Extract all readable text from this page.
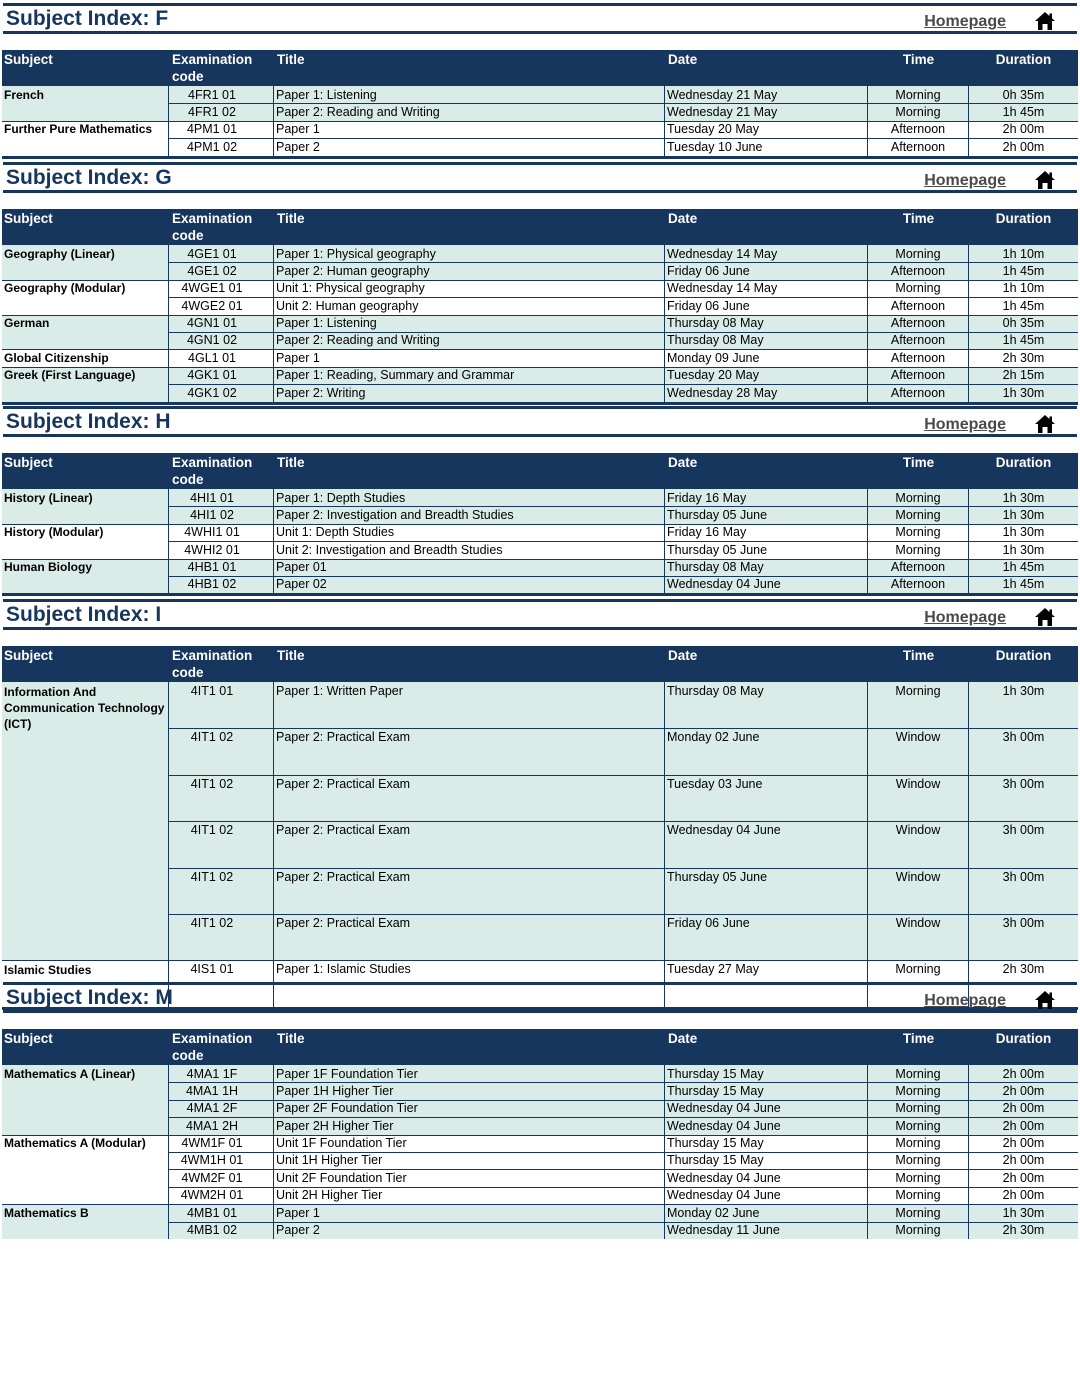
Subject Index: F	Homepage
Subject	Examination code
Title	Date	Time	Duration
French	4FR1 01	Paper 1: Listening	Wednesday 21 May	Morning	0h 35m
4FR1 02	Paper 2: Reading and Writing	Wednesday 21 May	Morning	1h 45m
Further Pure Mathematics	4PM1 01	Paper 1	Tuesday 20 May	Afternoon	2h 00m
4PM1 02	Paper 2	Tuesday 10 June	Afternoon	2h 00m
Subject Index: G	Homepage
Subject	Examination code
Title	Date	Time	Duration
Geography (Linear)	4GE1 01	Paper 1: Physical geography	Wednesday 14 May	Morning	1h 10m
4GE1 02	Paper 2: Human geography	Friday 06 June	Afternoon	1h 45m
Geography (Modular)	4WGE1 01	Unit 1: Physical geography	Wednesday 14 May	Morning	1h 10m
4WGE2 01	Unit 2: Human geography	Friday 06 June	Afternoon	1h 45m
German	4GN1 01	Paper 1: Listening	Thursday 08 May	Afternoon	0h 35m
4GN1 02	Paper 2: Reading and Writing	Thursday 08 May	Afternoon	1h 45m
Global Citizenship	4GL1 01	Paper 1	Monday 09 June	Afternoon	2h 30m
Greek (First Language)	4GK1 01	Paper 1: Reading, Summary and Grammar	Tuesday 20 May	Afternoon	2h 15m
4GK1 02	Paper 2: Writing	Wednesday 28 May	Afternoon	1h 30m
Subject Index: H	Homepage
Subject	Examination code
Title	Date	Time	Duration
History (Linear)	4HI1 01	Paper 1: Depth Studies	Friday 16 May	Morning	1h 30m
4HI1 02	Paper 2: Investigation and Breadth Studies	Thursday 05 June	Morning	1h 30m
History (Modular)	4WHI1 01	Unit 1: Depth Studies	Friday 16 May	Morning	1h 30m
4WHI2 01	Unit 2: Investigation and Breadth Studies	Thursday 05 June	Morning	1h 30m
Human Biology	4HB1 01	Paper 01	Thursday 08 May	Afternoon	1h 45m
4HB1 02	Paper 02	Wednesday 04 June	Afternoon	1h 45m
Subject Index: I	Homepage
Subject	Examination code
Title	Date	Time	Duration
Information And Communication Technology (ICT)
4IT1 01	Paper 1: Written Paper	Thursday 08 May	Morning	1h 30m
4IT1 02	Paper 2: Practical Exam	Monday 02 June	Window	3h 00m
4IT1 02	Paper 2: Practical Exam	Tuesday 03 June	Window	3h 00m
4IT1 02	Paper 2: Practical Exam	Wednesday 04 June	Window	3h 00m
4IT1 02	Paper 2: Practical Exam	Thursday 05 June	Window	3h 00m
4IT1 02	Paper 2: Practical Exam	Friday 06 June	Window	3h 00m
Islamic Studies	4IS1 01	Paper 1: Islamic Studies	Tuesday 27 May	Morning	2h 30m
Subject Index: M	Homepage
Subject	Examination code
Title	Date	Time	Duration
Mathematics A (Linear)	4MA1 1F	Paper 1F Foundation Tier	Thursday 15 May	Morning	2h 00m
4MA1 1H	Paper 1H Higher Tier	Thursday 15 May	Morning	2h 00m
4MA1 2F	Paper 2F Foundation Tier	Wednesday 04 June	Morning	2h 00m
4MA1 2H	Paper 2H Higher Tier	Wednesday 04 June	Morning	2h 00m
Mathematics A (Modular)	4WM1F 01	Unit 1F Foundation Tier	Thursday 15 May	Morning	2h 00m
4WM1H 01	Unit 1H Higher Tier	Thursday 15 May	Morning	2h 00m
4WM2F 01	Unit 2F Foundation Tier	Wednesday 04 June	Morning	2h 00m
4WM2H 01	Unit 2H Higher Tier	Wednesday 04 June	Morning	2h 00m
Mathematics B	4MB1 01	Paper 1	Monday 02 June	Morning	1h 30m
4MB1 02	Paper 2	Wednesday 11 June	Morning	2h 30m
